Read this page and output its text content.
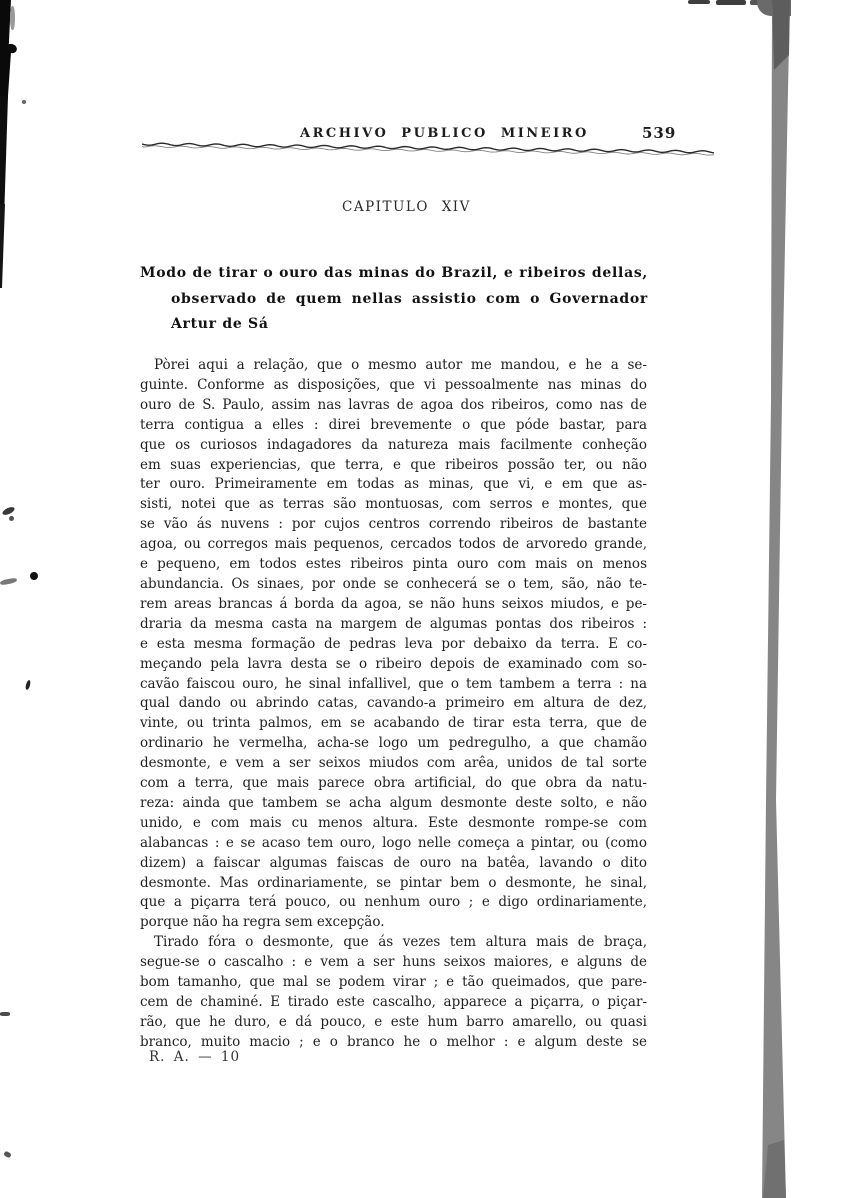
ARCHIVO PUBLICO MINEIRO	539
CAPITULO XIV
Modo de tirar o ouro das minas do Brazil, e ribeiros dellas,
observado de quem nellas assistio com o Governador
Artur de Sá
Pòrei aqui a relação, que o mesmo autor me mandou, e he a se-
guinte. Conforme as disposições, que vi pessoalmente nas minas do
ouro de S. Paulo, assim nas lavras de agoa dos ribeiros, como nas de
terra contigua a elles : direi brevemente o que póde bastar, para
que os curiosos indagadores da natureza mais facilmente conheção
em suas experiencias, que terra, e que ribeiros possão ter, ou não
ter ouro. Primeiramente em todas as minas, que vi, e em que as-
sisti, notei que as terras são montuosas, com serros e montes, que
se vão ás nuvens : por cujos centros correndo ribeiros de bastante
agoa, ou corregos mais pequenos, cercados todos de arvoredo grande,
e pequeno, em todos estes ribeiros pinta ouro com mais on menos
abundancia. Os sinaes, por onde se conhecerá se o tem, são, não te-
rem areas brancas á borda da agoa, se não huns seixos miudos, e pe-
draria da mesma casta na margem de algumas pontas dos ribeiros :
e esta mesma formação de pedras leva por debaixo da terra. E co-
meçando pela lavra desta se o ribeiro depois de examinado com so-
cavão faiscou ouro, he sinal infallivel, que o tem tambem a terra : na
qual dando ou abrindo catas, cavando-a primeiro em altura de dez,
vinte, ou trinta palmos, em se acabando de tirar esta terra, que de
ordinario he vermelha, acha-se logo um pedregulho, a que chamão
desmonte, e vem a ser seixos miudos com arêa, unidos de tal sorte
com a terra, que mais parece obra artificial, do que obra da natu-
reza: ainda que tambem se acha algum desmonte deste solto, e não
unido, e com mais cu menos altura. Este desmonte rompe-se com
alabancas : e se acaso tem ouro, logo nelle começa a pintar, ou (como
dizem) a faiscar algumas faiscas de ouro na batêa, lavando o dito
desmonte. Mas ordinariamente, se pintar bem o desmonte, he sinal,
que a piçarra terá pouco, ou nenhum ouro ; e digo ordinariamente,
porque não ha regra sem excepção.
Tirado fóra o desmonte, que ás vezes tem altura mais de braça,
segue-se o cascalho : e vem a ser huns seixos maiores, e alguns de
bom tamanho, que mal se podem virar ; e tão queimados, que pare-
cem de chaminé. E tirado este cascalho, apparece a piçarra, o piçar-
rão, que he duro, e dá pouco, e este hum barro amarello, ou quasi
branco, muito macio ; e o branco he o melhor : e algum deste se
R. A. — 10
